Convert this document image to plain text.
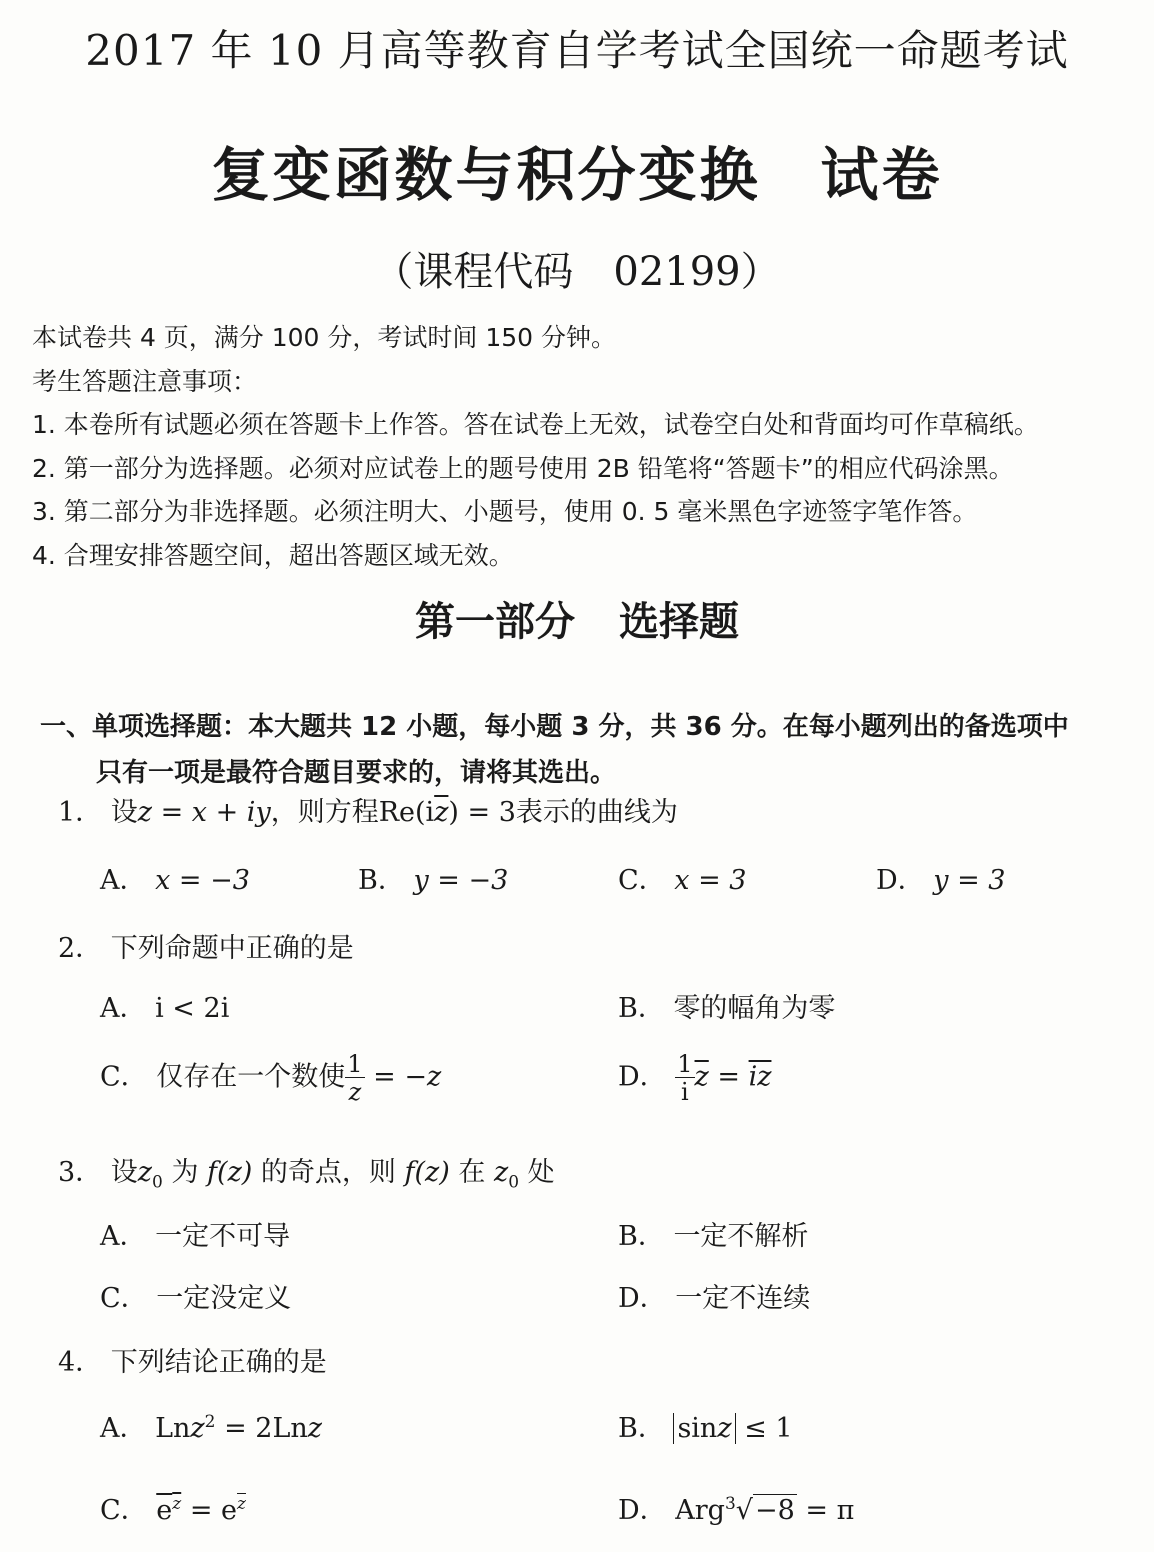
2017 年 10 月高等教育自学考试全国统一命题考试
复变函数与积分变换 试卷
（课程代码 02199）
本试卷共 4 页，满分 100 分，考试时间 150 分钟。
考生答题注意事项：
1. 本卷所有试题必须在答题卡上作答。答在试卷上无效，试卷空白处和背面均可作草稿纸。
2. 第一部分为选择题。必须对应试卷上的题号使用 2B 铅笔将“答题卡”的相应代码涂黑。
3. 第二部分为非选择题。必须注明大、小题号，使用 0. 5 毫米黑色字迹签字笔作答。
4. 合理安排答题空间，超出答题区域无效。
第一部分 选择题
一、单项选择题：本大题共 12 小题，每小题 3 分，共 36 分。在每小题列出的备选项中
只有一项是最符合题目要求的，请将其选出。
1． 设z = x + iy，则方程$Re(i\overline{z}) = 3$表示的曲线为
A． x = −3	B． y = −3	C． x = 3	D． y = 3
2． 下列命题中正确的是
A． i < 2i	B． 零的幅角为零
C． 仅存在一个数使 $\frac{1}{z} = -z$	D． $\frac{1}{i} \overline{z} = \overline{iz}$
3． 设$z_0$ 为 f(z) 的奇点，则 f(z) 在 $z_0$ 处
A． 一定不可导	B． 一定不解析
C． 一定没定义	D． 一定不连续
4． 下列结论正确的是
A． Lnz$^2$ = 2Lnz	B． sinz ≤ 1
C． $e^z = e^{\overline{z}}$	D． Arg$^3$√−8 = π
